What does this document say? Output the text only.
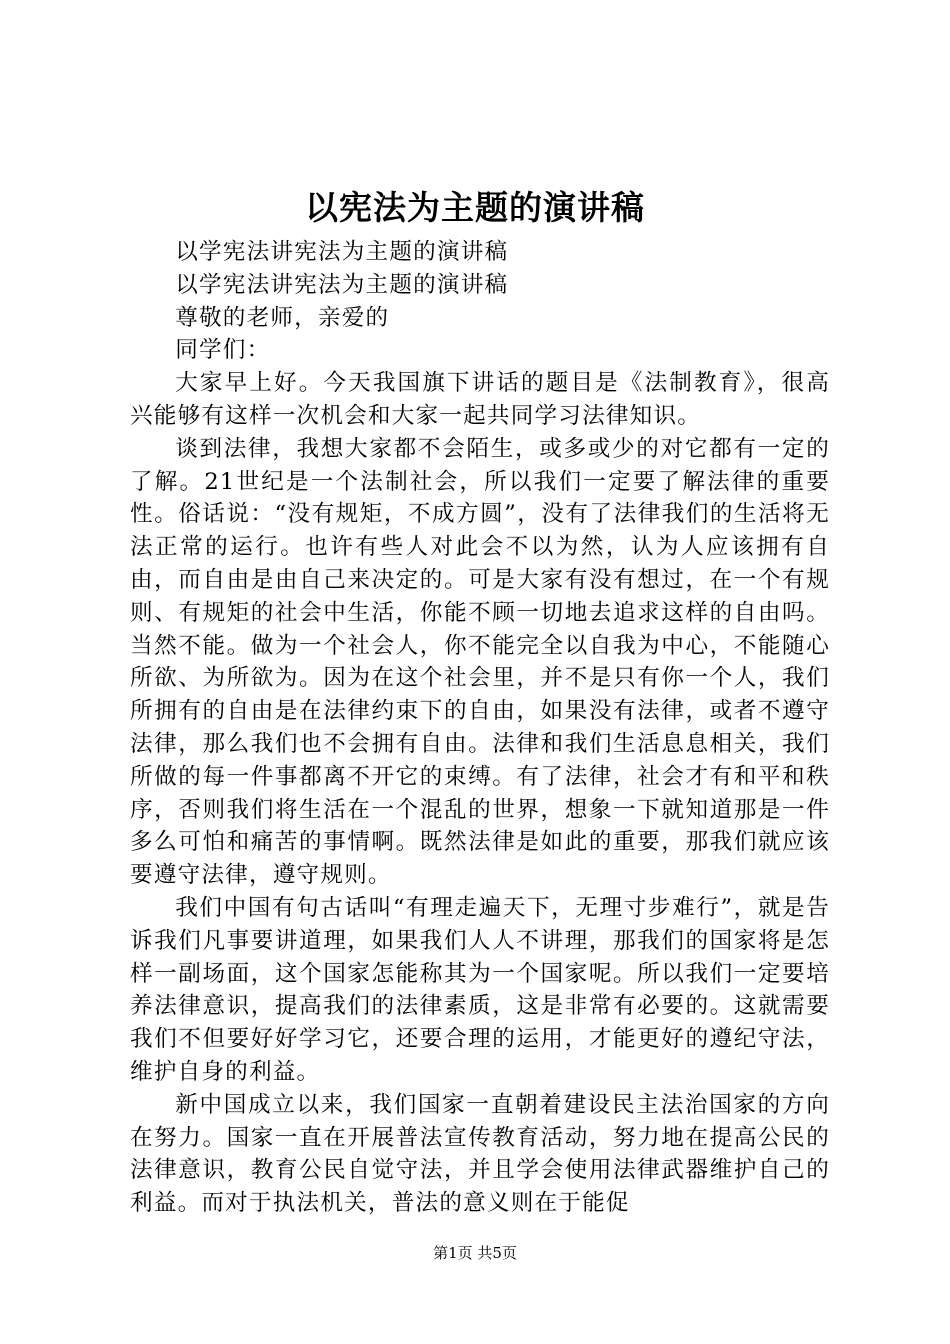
以宪法为主题的演讲稿

以学宪法讲宪法为主题的演讲稿

以学宪法讲宪法为主题的演讲稿

尊敬的老师，亲爱的

同学们：

大家早上好。今天我国旗下讲话的题目是《法制教育》，很高兴能够有这样一次机会和大家一起共同学习法律知识。

谈到法律，我想大家都不会陌生，或多或少的对它都有一定的了解。21世纪是一个法制社会，所以我们一定要了解法律的重要性。俗话说：“没有规矩，不成方圆”，没有了法律我们的生活将无法正常的运行。也许有些人对此会不以为然，认为人应该拥有自由，而自由是由自己来决定的。可是大家有没有想过，在一个有规则、有规矩的社会中生活，你能不顾一切地去追求这样的自由吗。当然不能。做为一个社会人，你不能完全以自我为中心，不能随心所欲、为所欲为。因为在这个社会里，并不是只有你一个人，我们所拥有的自由是在法律约束下的自由，如果没有法律，或者不遵守法律，那么我们也不会拥有自由。法律和我们生活息息相关，我们所做的每一件事都离不开它的束缚。有了法律，社会才有和平和秩序，否则我们将生活在一个混乱的世界，想象一下就知道那是一件多么可怕和痛苦的事情啊。既然法律是如此的重要，那我们就应该要遵守法律，遵守规则。

我们中国有句古话叫“有理走遍天下，无理寸步难行”，就是告诉我们凡事要讲道理，如果我们人人不讲理，那我们的国家将是怎样一副场面，这个国家怎能称其为一个国家呢。所以我们一定要培养法律意识，提高我们的法律素质，这是非常有必要的。这就需要我们不但要好好学习它，还要合理的运用，才能更好的遵纪守法，维护自身的利益。

新中国成立以来，我们国家一直朝着建设民主法治国家的方向在努力。国家一直在开展普法宣传教育活动，努力地在提高公民的法律意识，教育公民自觉守法，并且学会使用法律武器维护自己的利益。而对于执法机关，普法的意义则在于能促

第1页 共5页
